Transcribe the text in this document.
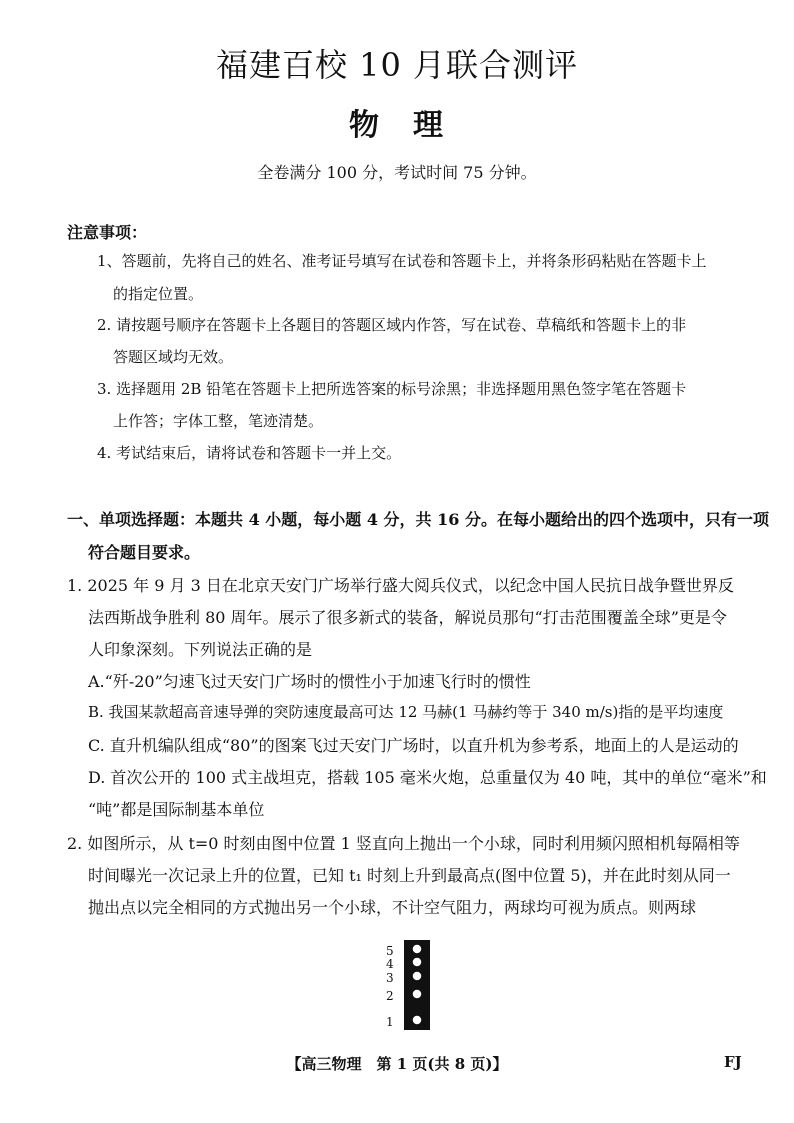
福建百校 10 月联合测评
物　理
全卷满分 100 分，考试时间 75 分钟。
注意事项：
1、答题前，先将自己的姓名、准考证号填写在试卷和答题卡上，并将条形码粘贴在答题卡上
的指定位置。
2. 请按题号顺序在答题卡上各题目的答题区域内作答，写在试卷、草稿纸和答题卡上的非
答题区域均无效。
3. 选择题用 2B 铅笔在答题卡上把所选答案的标号涂黑；非选择题用黑色签字笔在答题卡
上作答；字体工整，笔迹清楚。
4. 考试结束后，请将试卷和答题卡一并上交。
一、单项选择题：本题共 4 小题，每小题 4 分，共 16 分。在每小题给出的四个选项中，只有一项
符合题目要求。
1. 2025 年 9 月 3 日在北京天安门广场举行盛大阅兵仪式，以纪念中国人民抗日战争暨世界反
法西斯战争胜利 80 周年。展示了很多新式的装备，解说员那句“打击范围覆盖全球”更是令
人印象深刻。下列说法正确的是
A.“歼-20”匀速飞过天安门广场时的惯性小于加速飞行时的惯性
B. 我国某款超高音速导弹的突防速度最高可达 12 马赫(1 马赫约等于 340 m/s)指的是平均速度
C. 直升机编队组成“80”的图案飞过天安门广场时，以直升机为参考系，地面上的人是运动的
D. 首次公开的 100 式主战坦克，搭载 105 毫米火炮，总重量仅为 40 吨，其中的单位“毫米”和
“吨”都是国际制基本单位
2. 如图所示，从 t=0 时刻由图中位置 1 竖直向上抛出一个小球，同时利用频闪照相机每隔相等
时间曝光一次记录上升的位置，已知 t₁ 时刻上升到最高点(图中位置 5)，并在此时刻从同一
抛出点以完全相同的方式抛出另一个小球，不计空气阻力，两球均可视为质点。则两球
5
4
3
2
1
【高三物理　第 1 页(共 8 页)】	FJ
